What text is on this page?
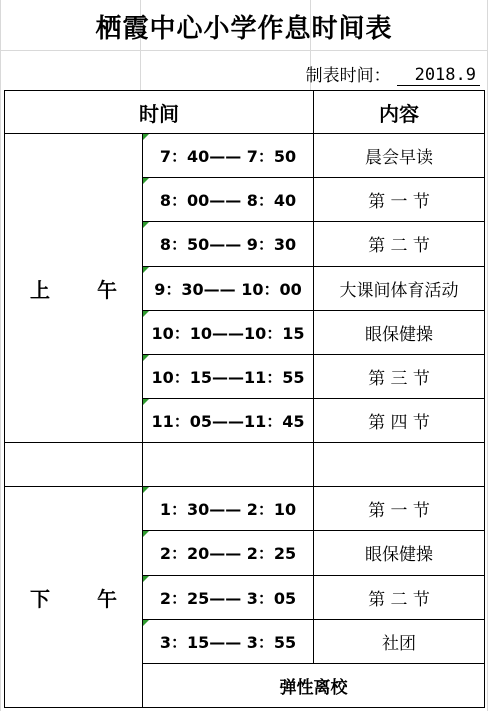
栖霞中心小学作息时间表
制表时间：	2018.9
时间		内容
上 午	7：40—— 7：50	晨会早读
	8：00—— 8：40	第 一 节
	8：50—— 9：30	第 二 节
	9：30—— 10：00	大课间体育活动
	10：10——10：15	眼保健操
	10：15——11：55	第 三 节
	11：05——11：45	第 四 节

下 午	1：30—— 2：10	第 一 节
	2：20—— 2：25	眼保健操
	2：25—— 3：05	第 二 节
	3：15—— 3：55	社团
	弹性离校	
